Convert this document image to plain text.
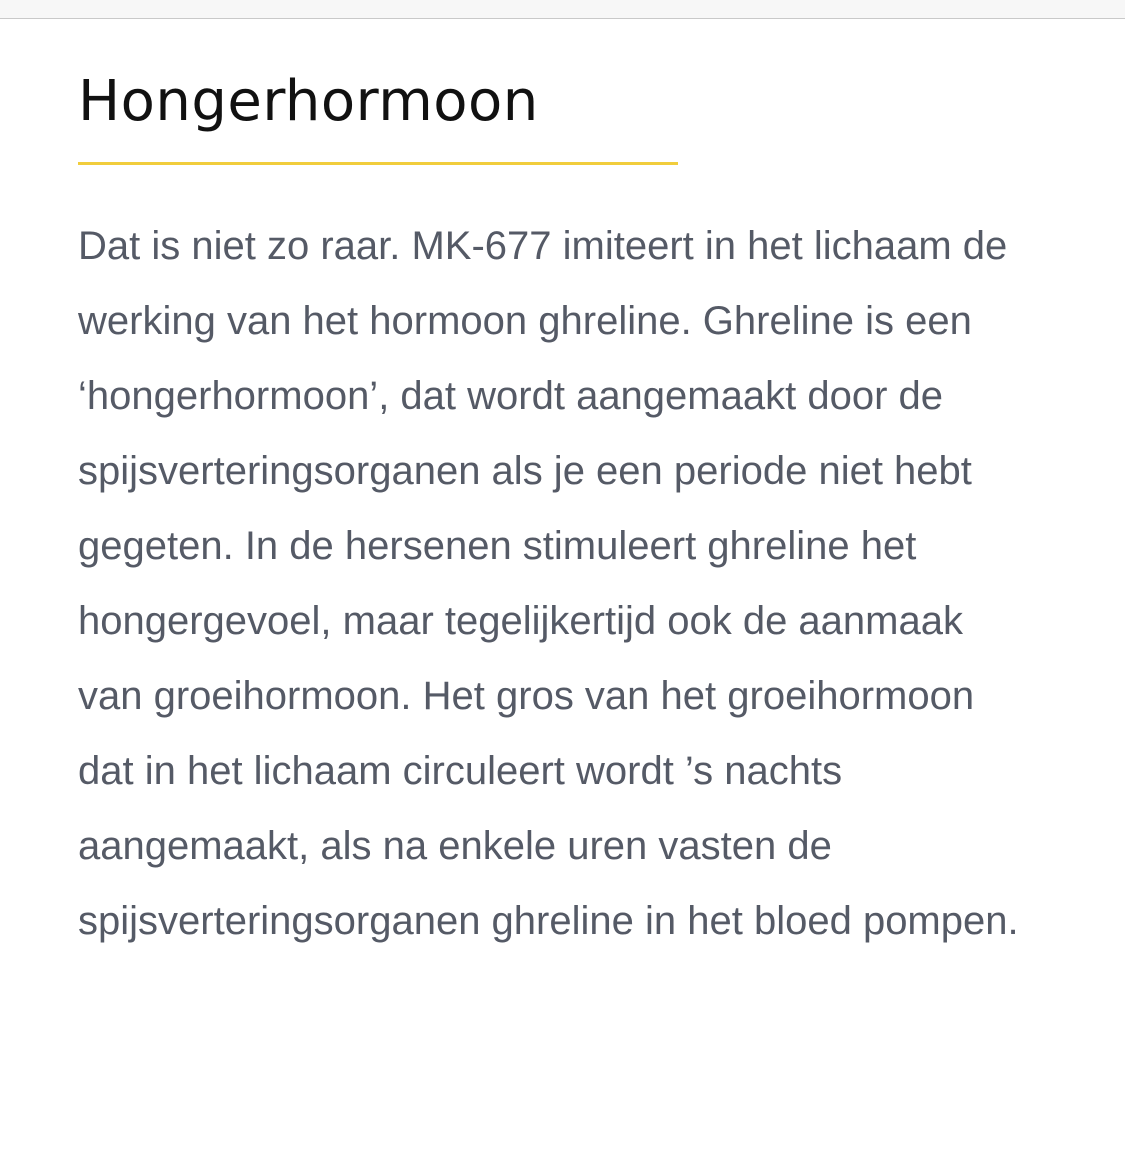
Hongerhormoon

Dat is niet zo raar. MK-677 imiteert in het lichaam de werking van het hormoon ghreline. Ghreline is een ‘hongerhormoon’, dat wordt aangemaakt door de spijsverteringsorganen als je een periode niet hebt gegeten. In de hersenen stimuleert ghreline het hongergevoel, maar tegelijkertijd ook de aanmaak van groeihormoon. Het gros van het groeihormoon dat in het lichaam circuleert wordt ’s nachts aangemaakt, als na enkele uren vasten de spijsverteringsorganen ghreline in het bloed pompen.
